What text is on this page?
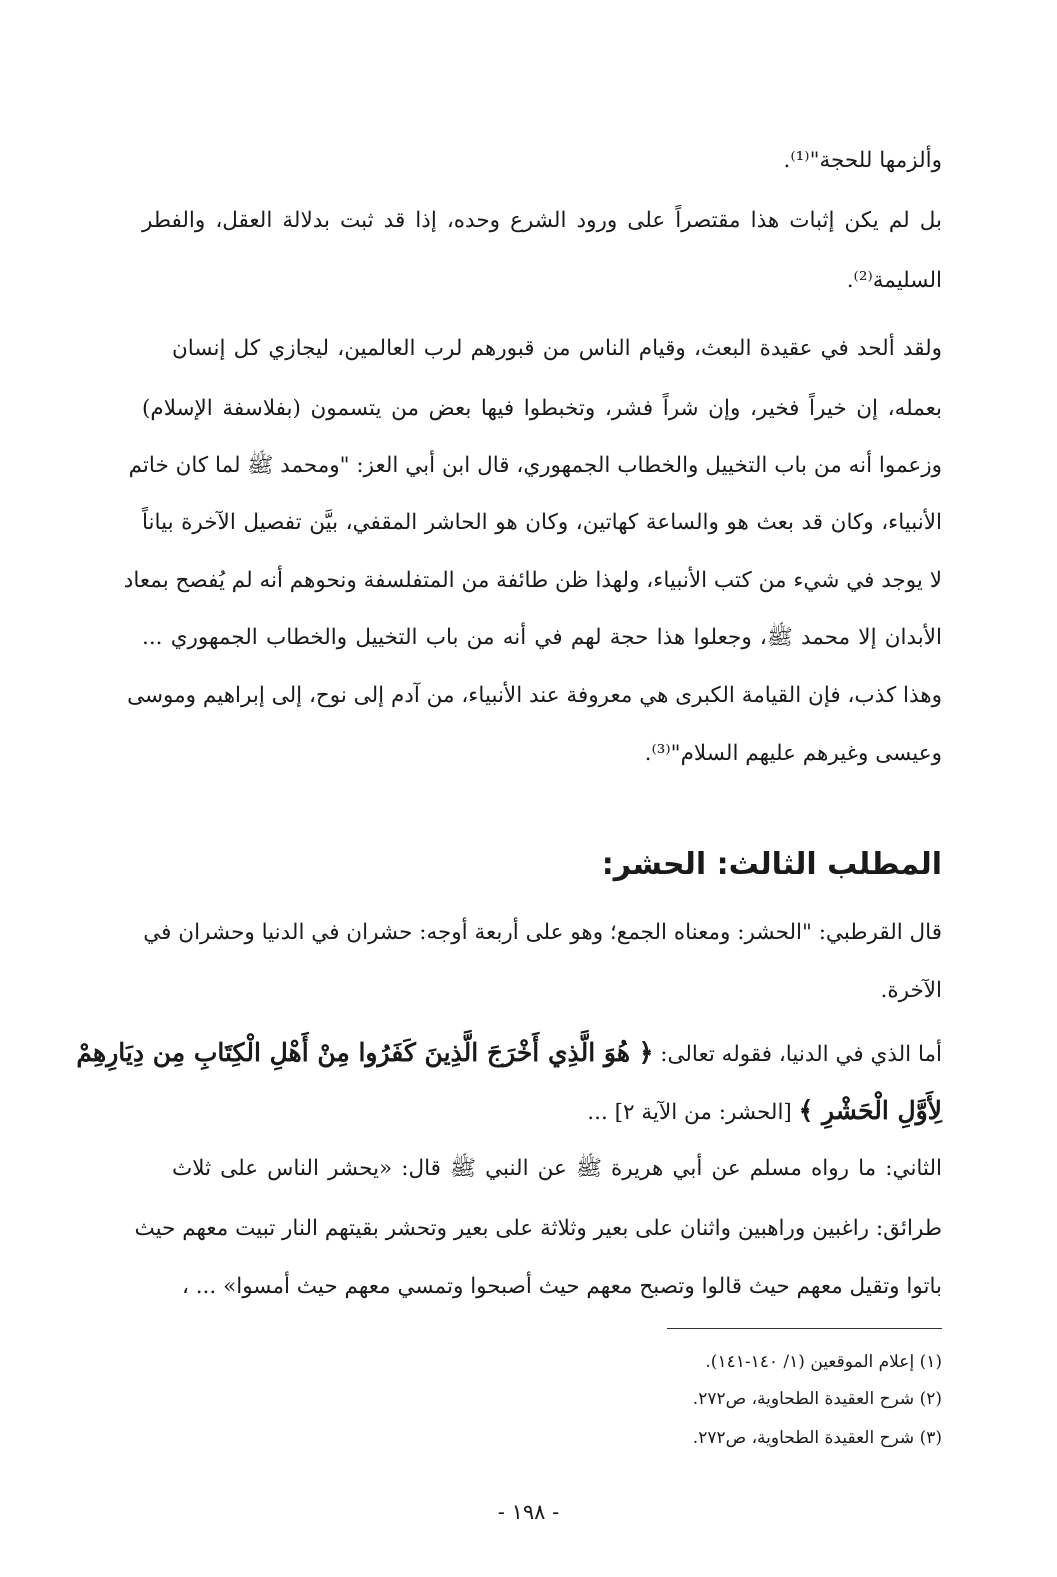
وألزمها للحجة"⁽¹⁾.
بل لم يكن إثبات هذا مقتصراً على ورود الشرع وحده، إذا قد ثبت بدلالة العقل، والفطر
السليمة⁽²⁾.
ولقد ألحد في عقيدة البعث، وقيام الناس من قبورهم لرب العالمين، ليجازي كل إنسان
بعمله، إن خيراً فخير، وإن شراً فشر، وتخبطوا فيها بعض من يتسمون (بفلاسفة الإسلام)
وزعموا أنه من باب التخييل والخطاب الجمهوري، قال ابن أبي العز: "ومحمد ﷺ لما كان خاتم
الأنبياء، وكان قد بعث هو والساعة كهاتين، وكان هو الحاشر المقفي، بيَّن تفصيل الآخرة بياناً
لا يوجد في شيء من كتب الأنبياء، ولهذا ظن طائفة من المتفلسفة ونحوهم أنه لم يُفصح بمعاد
الأبدان إلا محمد ﷺ، وجعلوا هذا حجة لهم في أنه من باب التخييل والخطاب الجمهوري ...
وهذا كذب، فإن القيامة الكبرى هي معروفة عند الأنبياء، من آدم إلى نوح، إلى إبراهيم وموسى
وعيسى وغيرهم عليهم السلام"⁽³⁾.
المطلب الثالث: الحشر:
قال القرطبي: "الحشر: ومعناه الجمع؛ وهو على أربعة أوجه: حشران في الدنيا وحشران في
الآخرة.
أما الذي في الدنيا، فقوله تعالى: ﴿ هُوَ الَّذِي أَخْرَجَ الَّذِينَ كَفَرُوا مِنْ أَهْلِ الْكِتَابِ مِن دِيَارِهِمْ
لِأَوَّلِ الْحَشْرِ ﴾ [الحشر: من الآية ٢] ...
الثاني: ما رواه مسلم عن أبي هريرة ﷺ عن النبي ﷺ قال: «يحشر الناس على ثلاث
طرائق: راغبين وراهبين واثنان على بعير وثلاثة على بعير وتحشر بقيتهم النار تبيت معهم حيث
باتوا وتقيل معهم حيث قالوا وتصبح معهم حيث أصبحوا وتمسي معهم حيث أمسوا» ... ،
(١) إعلام الموقعين (١/ ١٤٠-١٤١).
(٢) شرح العقيدة الطحاوية، ص٢٧٢.
(٣) شرح العقيدة الطحاوية، ص٢٧٢.
- ١٩٨ -
